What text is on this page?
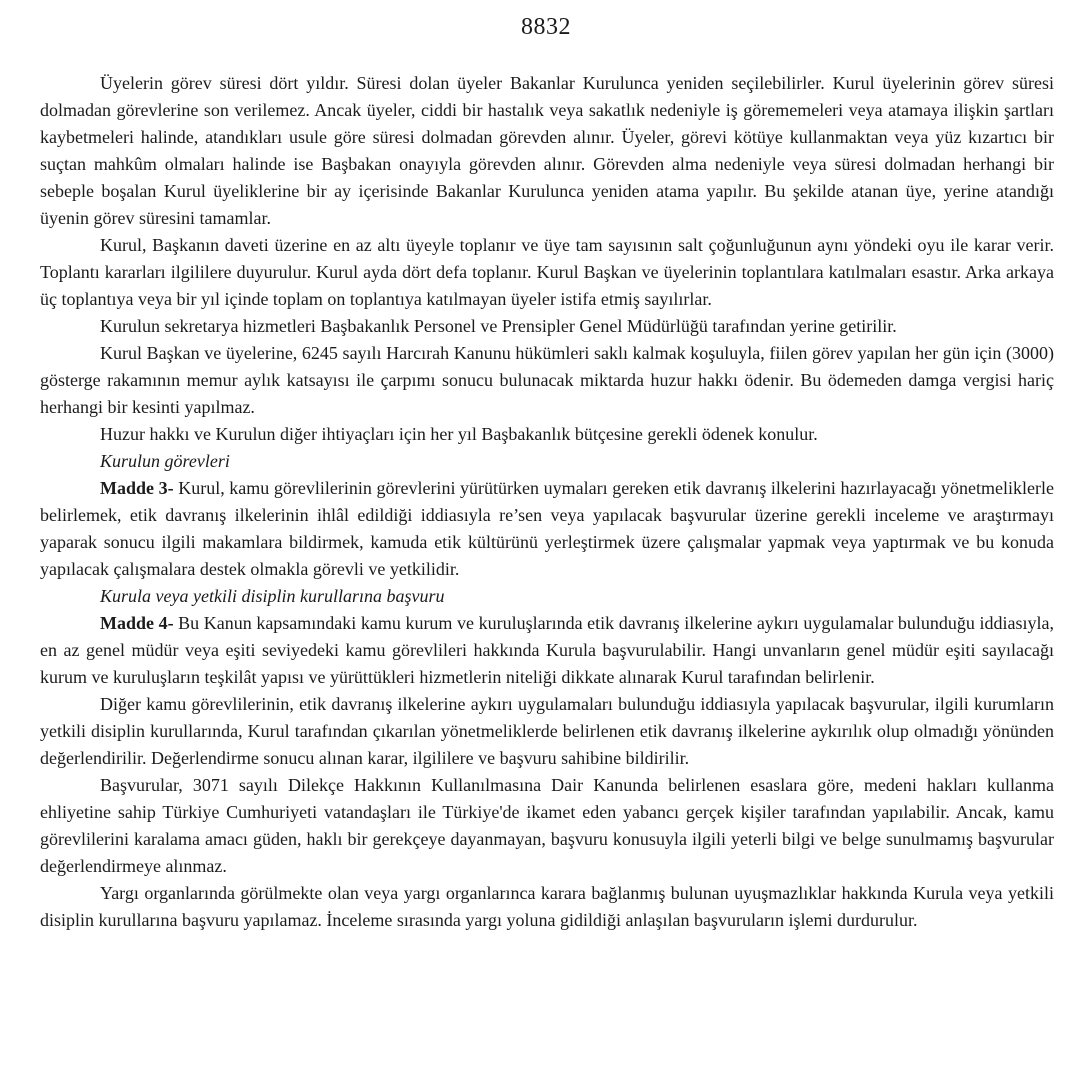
8832

Üyelerin görev süresi dört yıldır. Süresi dolan üyeler Bakanlar Kurulunca yeniden seçilebilirler. Kurul üyelerinin görev süresi dolmadan görevlerine son verilemez. Ancak üyeler, ciddi bir hastalık veya sakatlık nedeniyle iş görememeleri veya atamaya ilişkin şartları kaybetmeleri halinde, atandıkları usule göre süresi dolmadan görevden alınır. Üyeler, görevi kötüye kullanmaktan veya yüz kızartıcı bir suçtan mahkûm olmaları halinde ise Başbakan onayıyla görevden alınır. Görevden alma nedeniyle veya süresi dolmadan herhangi bir sebeple boşalan Kurul üyeliklerine bir ay içerisinde Bakanlar Kurulunca yeniden atama yapılır. Bu şekilde atanan üye, yerine atandığı üyenin görev süresini tamamlar.

Kurul, Başkanın daveti üzerine en az altı üyeyle toplanır ve üye tam sayısının salt çoğunluğunun aynı yöndeki oyu ile karar verir. Toplantı kararları ilgililere duyurulur. Kurul ayda dört defa toplanır. Kurul Başkan ve üyelerinin toplantılara katılmaları esastır. Arka arkaya üç toplantıya veya bir yıl içinde toplam on toplantıya katılmayan üyeler istifa etmiş sayılırlar.

Kurulun sekretarya hizmetleri Başbakanlık Personel ve Prensipler Genel Müdürlüğü tarafından yerine getirilir.

Kurul Başkan ve üyelerine, 6245 sayılı Harcırah Kanunu hükümleri saklı kalmak koşuluyla, fiilen görev yapılan her gün için (3000) gösterge rakamının memur aylık katsayısı ile çarpımı sonucu bulunacak miktarda huzur hakkı ödenir. Bu ödemeden damga vergisi hariç herhangi bir kesinti yapılmaz.

Huzur hakkı ve Kurulun diğer ihtiyaçları için her yıl Başbakanlık bütçesine gerekli ödenek konulur.

Kurulun görevleri

Madde 3- Kurul, kamu görevlilerinin görevlerini yürütürken uymaları gereken etik davranış ilkelerini hazırlayacağı yönetmeliklerle belirlemek, etik davranış ilkelerinin ihlâl edildiği iddiasıyla re’sen veya yapılacak başvurular üzerine gerekli inceleme ve araştırmayı yaparak sonucu ilgili makamlara bildirmek, kamuda etik kültürünü yerleştirmek üzere çalışmalar yapmak veya yaptırmak ve bu konuda yapılacak çalışmalara destek olmakla görevli ve yetkilidir.

Kurula veya yetkili disiplin kurullarına başvuru

Madde 4- Bu Kanun kapsamındaki kamu kurum ve kuruluşlarında etik davranış ilkelerine aykırı uygulamalar bulunduğu iddiasıyla, en az genel müdür veya eşiti seviyedeki kamu görevlileri hakkında Kurula başvurulabilir. Hangi unvanların genel müdür eşiti sayılacağı kurum ve kuruluşların teşkilât yapısı ve yürüttükleri hizmetlerin niteliği dikkate alınarak Kurul tarafından belirlenir.

Diğer kamu görevlilerinin, etik davranış ilkelerine aykırı uygulamaları bulunduğu iddiasıyla yapılacak başvurular, ilgili kurumların yetkili disiplin kurullarında, Kurul tarafından çıkarılan yönetmeliklerde belirlenen etik davranış ilkelerine aykırılık olup olmadığı yönünden değerlendirilir. Değerlendirme sonucu alınan karar, ilgililere ve başvuru sahibine bildirilir.

Başvurular, 3071 sayılı Dilekçe Hakkının Kullanılmasına Dair Kanunda belirlenen esaslara göre, medeni hakları kullanma ehliyetine sahip Türkiye Cumhuriyeti vatandaşları ile Türkiye'de ikamet eden yabancı gerçek kişiler tarafından yapılabilir. Ancak, kamu görevlilerini karalama amacı güden, haklı bir gerekçeye dayanmayan, başvuru konusuyla ilgili yeterli bilgi ve belge sunulmamış başvurular değerlendirmeye alınmaz.

Yargı organlarında görülmekte olan veya yargı organlarınca karara bağlanmış bulunan uyuşmazlıklar hakkında Kurula veya yetkili disiplin kurullarına başvuru yapılamaz. İnceleme sırasında yargı yoluna gidildiği anlaşılan başvuruların işlemi durdurulur.
